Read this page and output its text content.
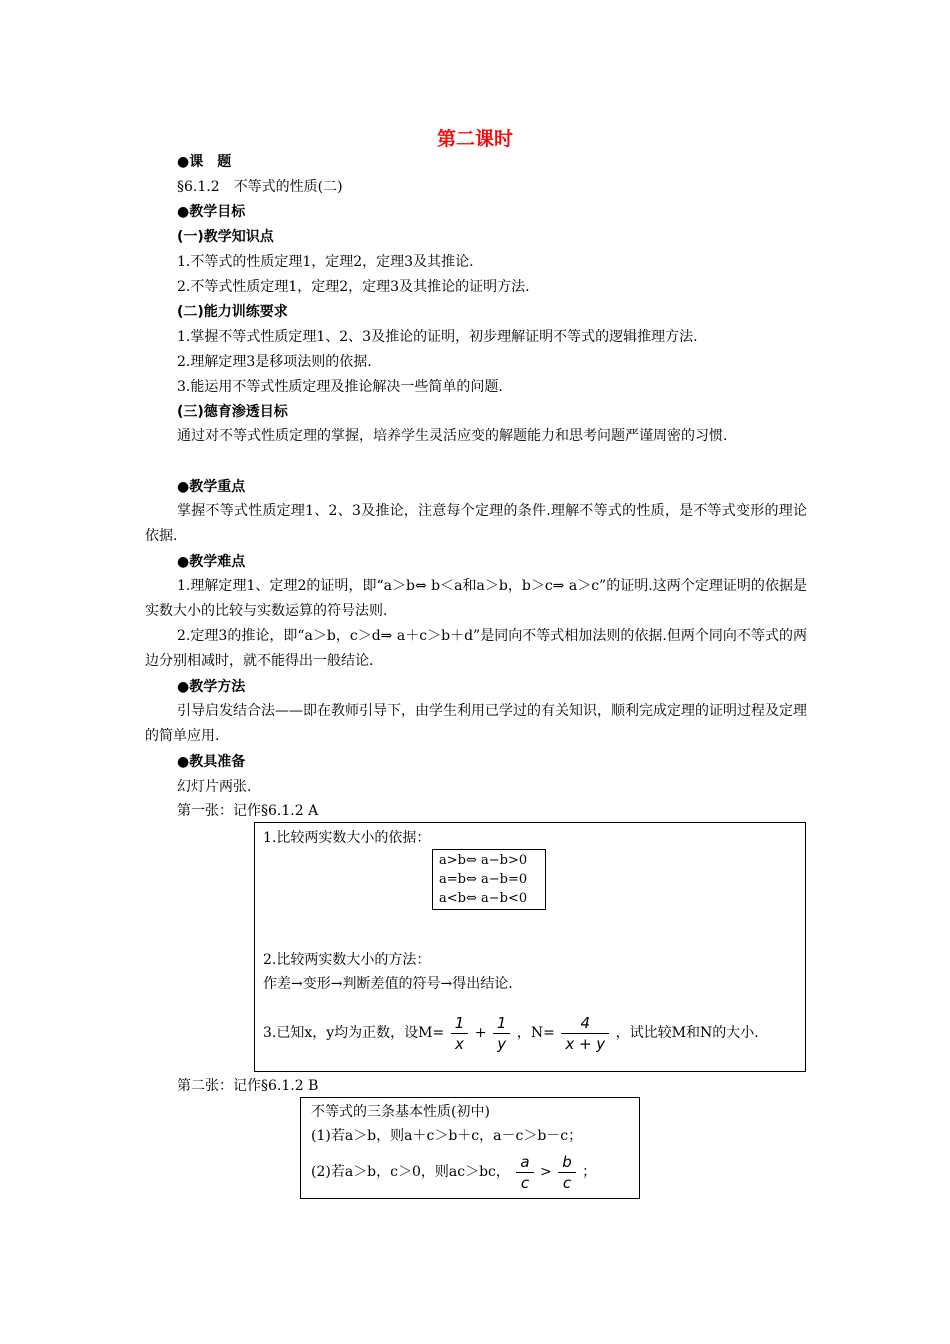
第二课时
●课　题
§6.1.2　不等式的性质(二)
●教学目标
(一)教学知识点
1.不等式的性质定理1，定理2，定理3及其推论.
2.不等式性质定理1，定理2，定理3及其推论的证明方法.
(二)能力训练要求
1.掌握不等式性质定理1、2、3及推论的证明，初步理解证明不等式的逻辑推理方法.
2.理解定理3是移项法则的依据.
3.能运用不等式性质定理及推论解决一些简单的问题.
(三)德育渗透目标
通过对不等式性质定理的掌握，培养学生灵活应变的解题能力和思考问题严谨周密的习惯.
●教学重点
掌握不等式性质定理1、2、3及推论，注意每个定理的条件.理解不等式的性质，是不等式变形的理论依据.
●教学难点
1.理解定理1、定理2的证明，即“a＞b⇔ b＜a和a＞b，b＞c⇒ a＞c”的证明.这两个定理证明的依据是实数大小的比较与实数运算的符号法则.
2.定理3的推论，即“a＞b，c＞d⇒ a＋c＞b＋d”是同向不等式相加法则的依据.但两个同向不等式的两边分别相减时，就不能得出一般结论.
●教学方法
引导启发结合法——即在教师引导下，由学生利用已学过的有关知识，顺利完成定理的证明过程及定理的简单应用.
●教具准备
幻灯片两张.
第一张：记作§6.1.2 A
1.比较两实数大小的依据：
a>b⇔ a−b>0
a=b⇔ a−b=0
a<b⇔ a−b<0
2.比较两实数大小的方法：
作差→变形→判断差值的符号→得出结论.
3.已知x，y均为正数，设$M= \frac{1}{x} + \frac{1}{y}$ ，$N= \frac{4}{x + y}$ ，试比较M和N的大小.
第二张：记作§6.1.2 B
不等式的三条基本性质(初中)
(1)若a＞b，则a＋c＞b＋c，a－c＞b－c；
(2)若a＞b，c＞0，则ac＞bc， $\frac{a}{c} > \frac{b}{c}$ ；
